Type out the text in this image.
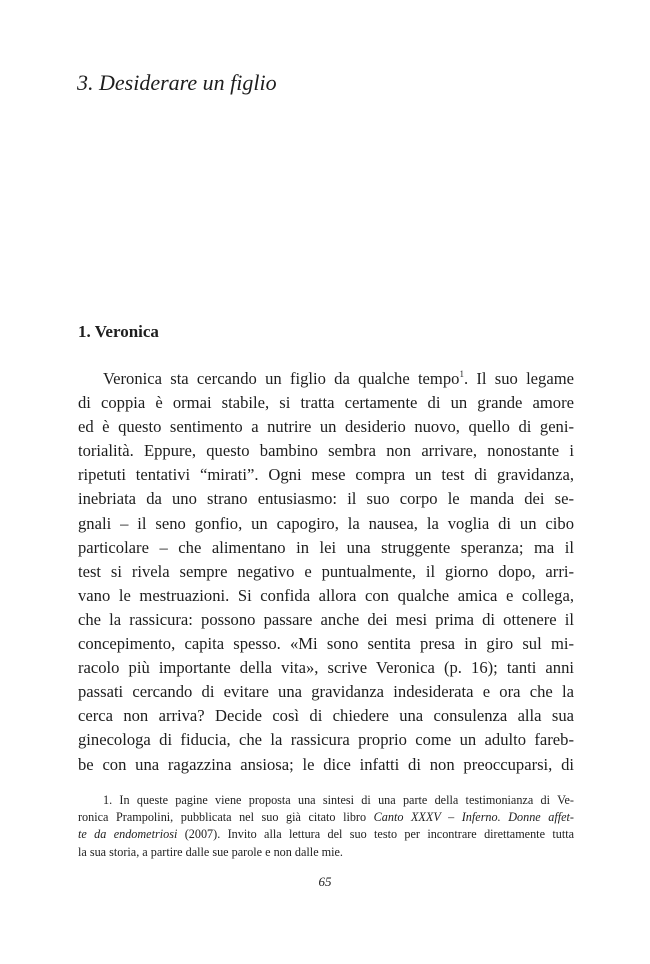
3. Desiderare un figlio
1. Veronica
Veronica sta cercando un figlio da qualche tempo$^1$. Il suo legame
di coppia è ormai stabile, si tratta certamente di un grande amore
ed è questo sentimento a nutrire un desiderio nuovo, quello di geni-
torialità. Eppure, questo bambino sembra non arrivare, nonostante i
ripetuti tentativi “mirati”. Ogni mese compra un test di gravidanza,
inebriata da uno strano entusiasmo: il suo corpo le manda dei se-
gnali – il seno gonfio, un capogiro, la nausea, la voglia di un cibo
particolare – che alimentano in lei una struggente speranza; ma il
test si rivela sempre negativo e puntualmente, il giorno dopo, arri-
vano le mestruazioni. Si confida allora con qualche amica e collega,
che la rassicura: possono passare anche dei mesi prima di ottenere il
concepimento, capita spesso. «Mi sono sentita presa in giro sul mi-
racolo più importante della vita», scrive Veronica (p. 16); tanti anni
passati cercando di evitare una gravidanza indesiderata e ora che la
cerca non arriva? Decide così di chiedere una consulenza alla sua
ginecologa di fiducia, che la rassicura proprio come un adulto fareb-
be con una ragazzina ansiosa; le dice infatti di non preoccuparsi, di
1. In queste pagine viene proposta una sintesi di una parte della testimonianza di Ve-
ronica Prampolini, pubblicata nel suo già citato libro Canto XXXV – Inferno. Donne affet-
te da endometriosi (2007). Invito alla lettura del suo testo per incontrare direttamente tutta
la sua storia, a partire dalle sue parole e non dalle mie.
65
